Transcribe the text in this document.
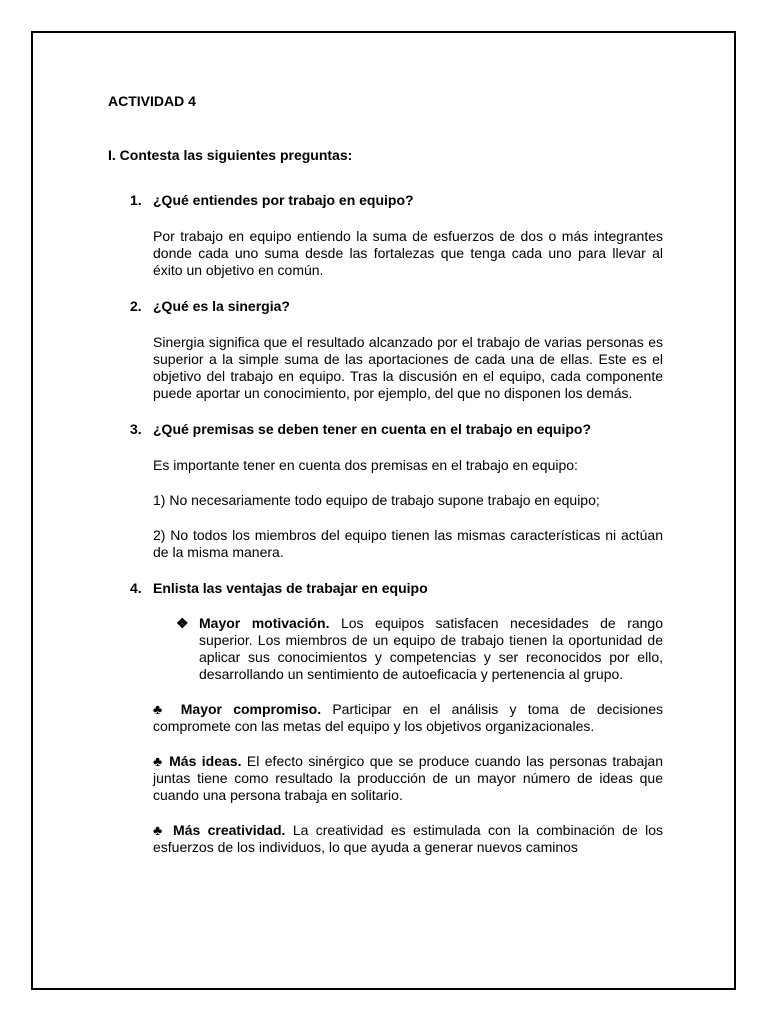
ACTIVIDAD 4

I. Contesta las siguientes preguntas:

1. ¿Qué entiendes por trabajo en equipo?

Por trabajo en equipo entiendo la suma de esfuerzos de dos o más integrantes donde cada uno suma desde las fortalezas que tenga cada uno para llevar al éxito un objetivo en común.

2. ¿Qué es la sinergia?

Sinergia significa que el resultado alcanzado por el trabajo de varias personas es superior a la simple suma de las aportaciones de cada una de ellas. Este es el objetivo del trabajo en equipo. Tras la discusión en el equipo, cada componente puede aportar un conocimiento, por ejemplo, del que no disponen los demás.

3. ¿Qué premisas se deben tener en cuenta en el trabajo en equipo?

Es importante tener en cuenta dos premisas en el trabajo en equipo:

1) No necesariamente todo equipo de trabajo supone trabajo en equipo;

2) No todos los miembros del equipo tienen las mismas características ni actúan de la misma manera.

4. Enlista las ventajas de trabajar en equipo

❖ Mayor motivación. Los equipos satisfacen necesidades de rango superior. Los miembros de un equipo de trabajo tienen la oportunidad de aplicar sus conocimientos y competencias y ser reconocidos por ello, desarrollando un sentimiento de autoeficacia y pertenencia al grupo.

♣ Mayor compromiso. Participar en el análisis y toma de decisiones compromete con las metas del equipo y los objetivos organizacionales.

♣ Más ideas. El efecto sinérgico que se produce cuando las personas trabajan juntas tiene como resultado la producción de un mayor número de ideas que cuando una persona trabaja en solitario.

♣ Más creatividad. La creatividad es estimulada con la combinación de los esfuerzos de los individuos, lo que ayuda a generar nuevos caminos
